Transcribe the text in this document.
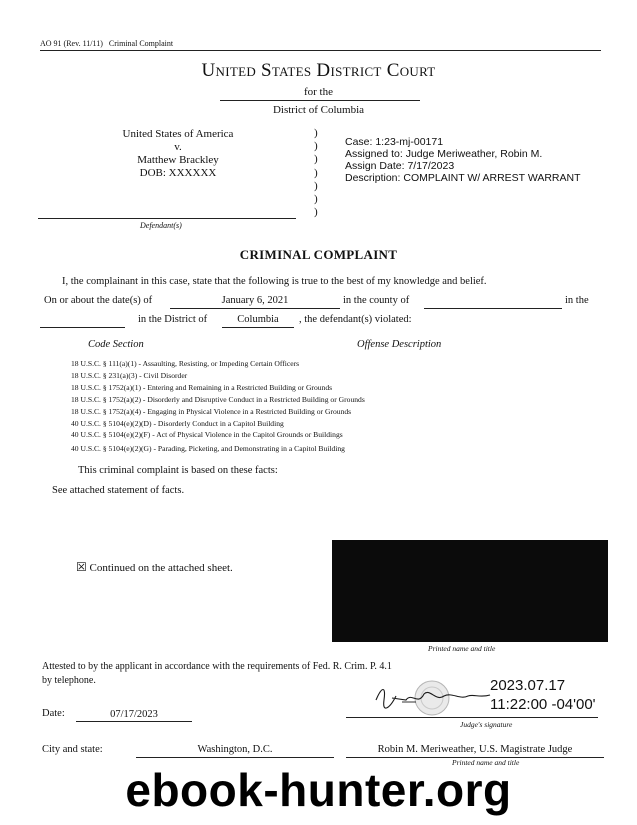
AO 91 (Rev. 11/11) Criminal Complaint
United States District Court
for the
District of Columbia
United States of America
v.
Matthew Brackley
DOB: XXXXXX
)
)
)
)
)
)
)
Defendant(s)
Case: 1:23-mj-00171
Assigned to: Judge Meriweather, Robin M.
Assign Date: 7/17/2023
Description: COMPLAINT W/ ARREST WARRANT
CRIMINAL COMPLAINT
I, the complainant in this case, state that the following is true to the best of my knowledge and belief.
On or about the date(s) of	January 6, 2021	in the county of	in the
in the District of	Columbia	, the defendant(s) violated:
Code Section	Offense Description
18 U.S.C. § 111(a)(1) - Assaulting, Resisting, or Impeding Certain Officers
18 U.S.C. § 231(a)(3) - Civil Disorder
18 U.S.C. § 1752(a)(1) - Entering and Remaining in a Restricted Building or Grounds
18 U.S.C. § 1752(a)(2) - Disorderly and Disruptive Conduct in a Restricted Building or Grounds
18 U.S.C. § 1752(a)(4) - Engaging in Physical Violence in a Restricted Building or Grounds
40 U.S.C. § 5104(e)(2)(D) - Disorderly Conduct in a Capitol Building
40 U.S.C. § 5104(e)(2)(F) - Act of Physical Violence in the Capitol Grounds or Buildings
40 U.S.C. § 5104(e)(2)(G) - Parading, Picketing, and Demonstrating in a Capitol Building
This criminal complaint is based on these facts:
See attached statement of facts.
☒ Continued on the attached sheet.
Printed name and title
Attested to by the applicant in accordance with the requirements of Fed. R. Crim. P. 4.1
by telephone.	2023.07.17
11:22:00 -04'00'
Judge's signature
Date:	07/17/2023
City and state:	Washington, D.C.	Robin M. Meriweather, U.S. Magistrate Judge
Printed name and title
ebook-hunter.org
